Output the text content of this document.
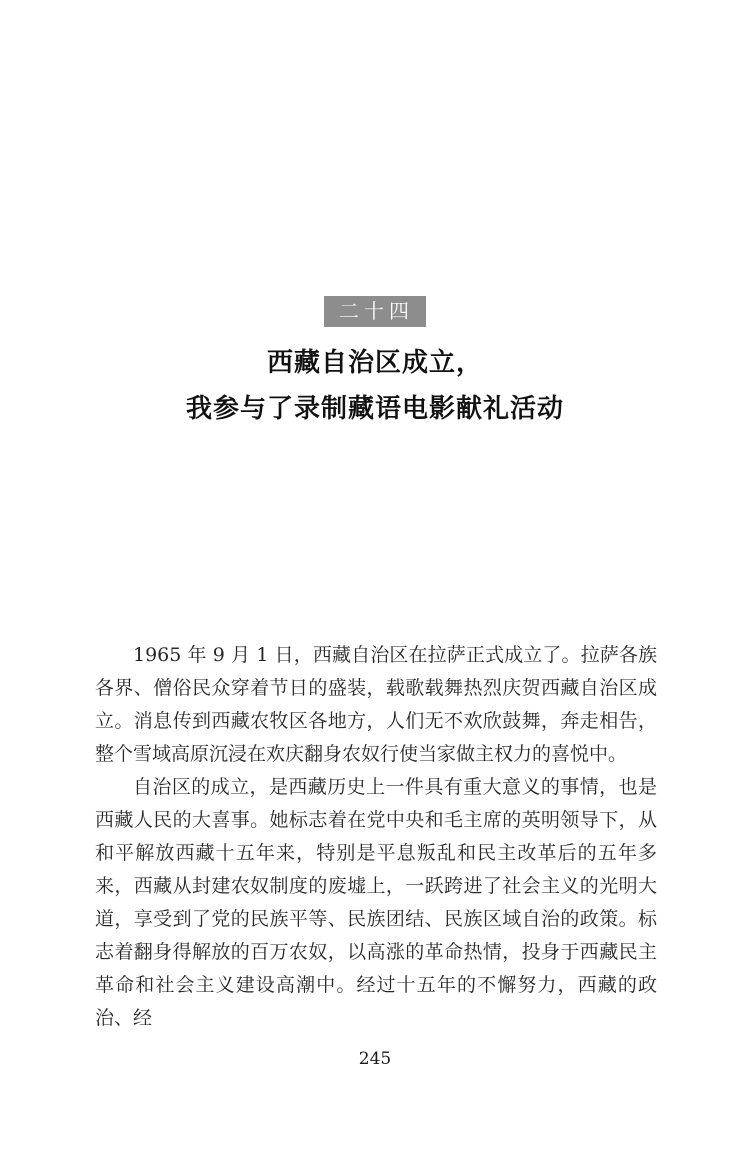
二十四
西藏自治区成立，
我参与了录制藏语电影献礼活动

1965 年 9 月 1 日，西藏自治区在拉萨正式成立了。拉萨各族各界、僧俗民众穿着节日的盛装，载歌载舞热烈庆贺西藏自治区成立。消息传到西藏农牧区各地方，人们无不欢欣鼓舞，奔走相告，整个雪域高原沉浸在欢庆翻身农奴行使当家做主权力的喜悦中。

自治区的成立，是西藏历史上一件具有重大意义的事情，也是西藏人民的大喜事。她标志着在党中央和毛主席的英明领导下，从和平解放西藏十五年来，特别是平息叛乱和民主改革后的五年多来，西藏从封建农奴制度的废墟上，一跃跨进了社会主义的光明大道，享受到了党的民族平等、民族团结、民族区域自治的政策。标志着翻身得解放的百万农奴，以高涨的革命热情，投身于西藏民主革命和社会主义建设高潮中。经过十五年的不懈努力，西藏的政治、经

245
